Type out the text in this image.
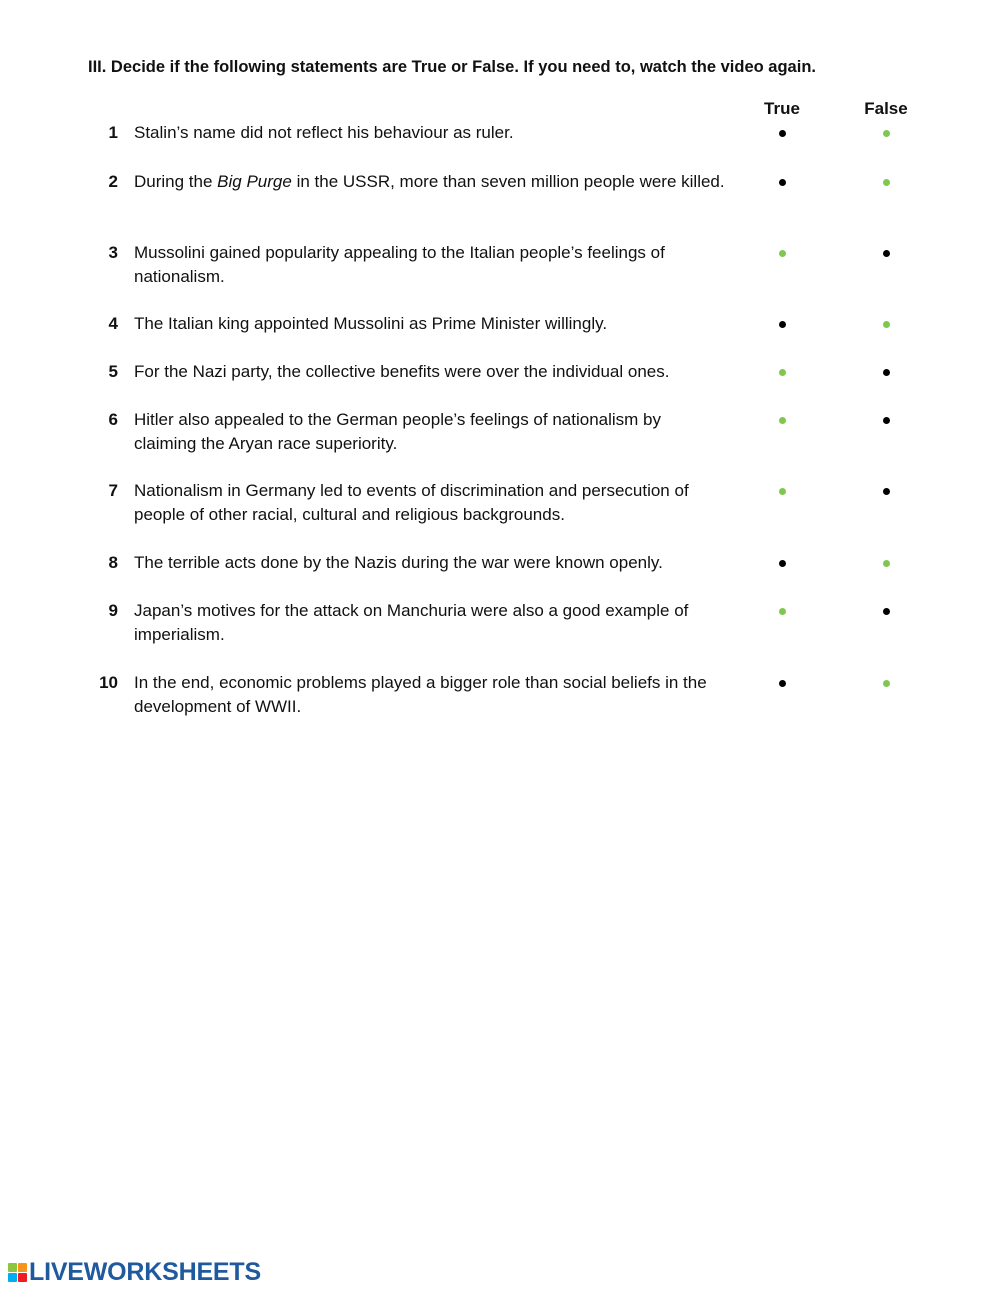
III. Decide if the following statements are True or False. If you need to, watch the video again.
True	False
1 Stalin’s name did not reflect his behaviour as ruler.
2 During the Big Purge in the USSR, more than seven million people were killed.
3 Mussolini gained popularity appealing to the Italian people’s feelings of nationalism.
4 The Italian king appointed Mussolini as Prime Minister willingly.
5 For the Nazi party, the collective benefits were over the individual ones.
6 Hitler also appealed to the German people’s feelings of nationalism by claiming the Aryan race superiority.
7 Nationalism in Germany led to events of discrimination and persecution of people of other racial, cultural and religious backgrounds.
8 The terrible acts done by the Nazis during the war were known openly.
9 Japan’s motives for the attack on Manchuria were also a good example of imperialism.
10 In the end, economic problems played a bigger role than social beliefs in the development of WWII.
LIVEWORKSHEETS
